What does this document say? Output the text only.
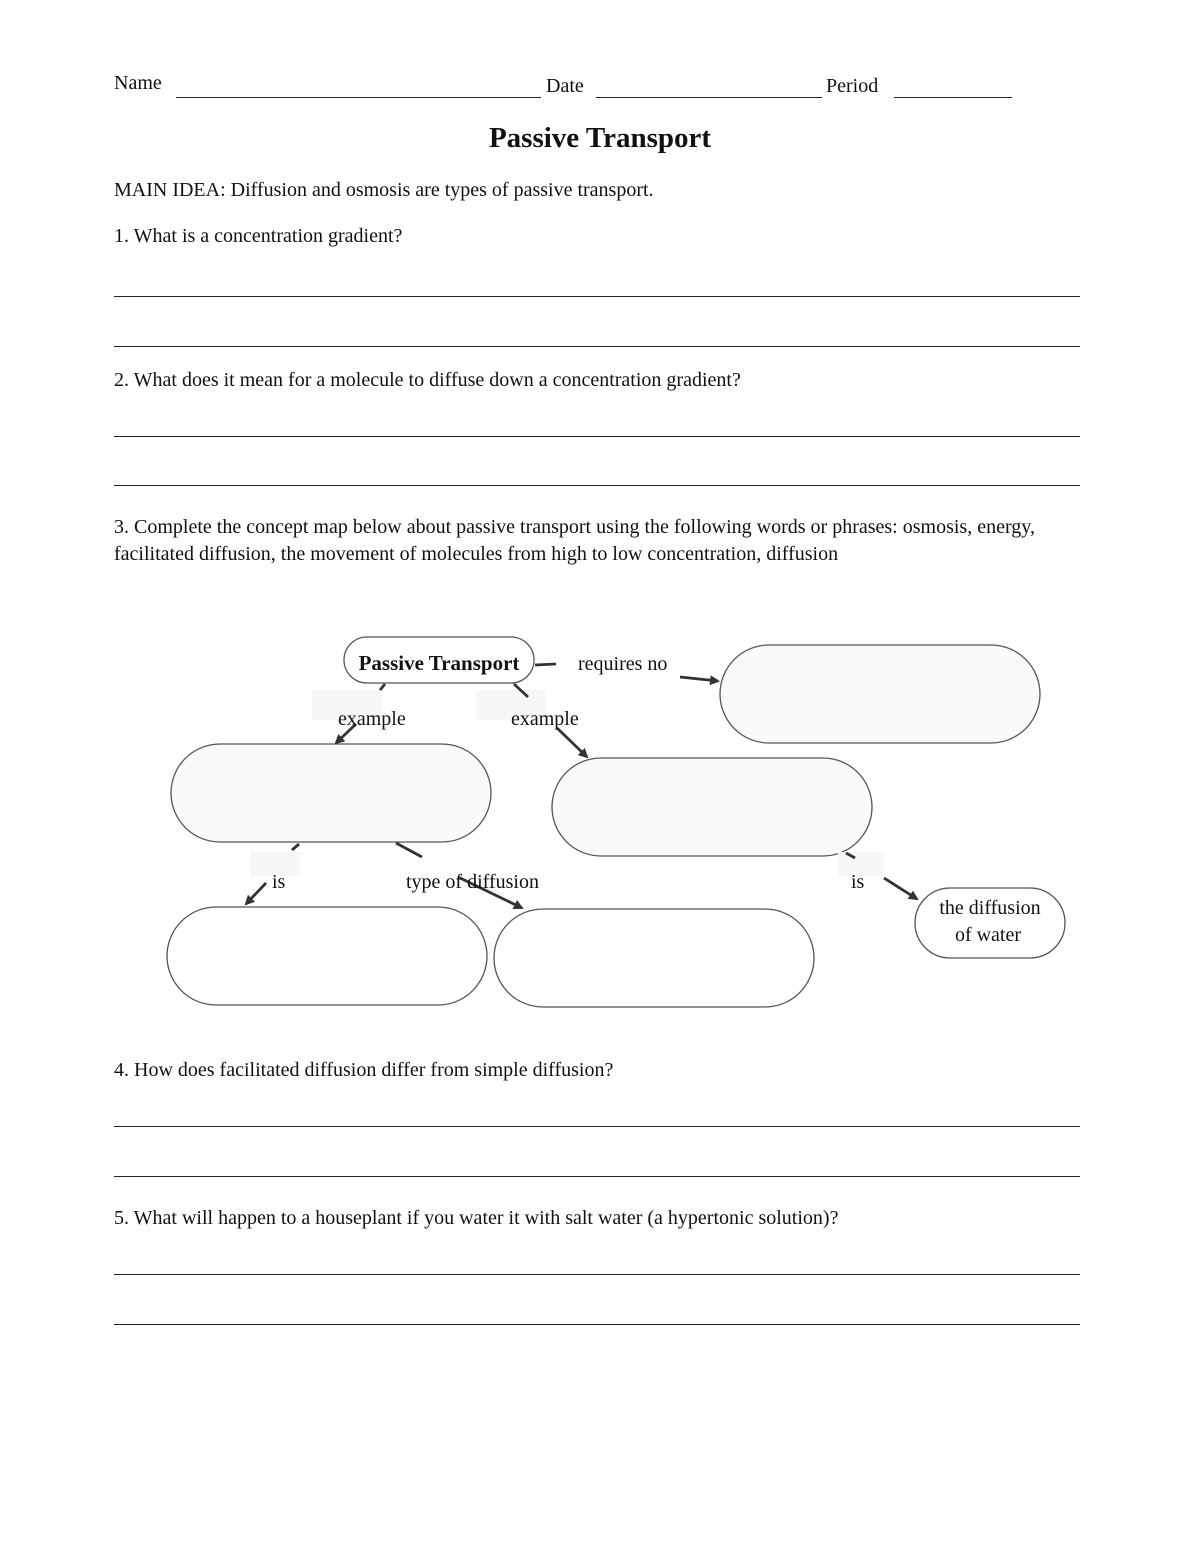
Name	Date	Period
Passive Transport
MAIN IDEA: Diffusion and osmosis are types of passive transport.
1. What is a concentration gradient?
2. What does it mean for a molecule to diffuse down a concentration gradient?
3. Complete the concept map below about passive transport using the following words or phrases: osmosis, energy, facilitated diffusion, the movement of molecules from high to low concentration, diffusion
Passive Transport
the diffusion
of water
requires no
example	example
is	type of diffusion	is
4. How does facilitated diffusion differ from simple diffusion?
5. What will happen to a houseplant if you water it with salt water (a hypertonic solution)?
